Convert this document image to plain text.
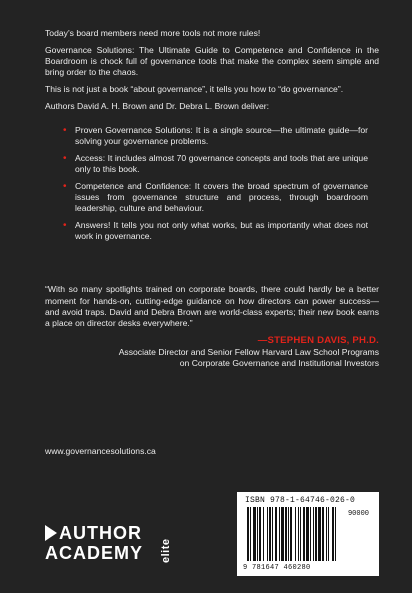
Today’s board members need more tools not more rules!

Governance Solutions: The Ultimate Guide to Competence and Confidence in the Boardroom is chock full of governance tools that make the complex seem simple and bring order to the chaos.

This is not just a book “about governance”, it tells you how to “do governance”.

Authors David A. H. Brown and Dr. Debra L. Brown deliver:

• Proven Governance Solutions: It is a single source—the ultimate guide—for solving your governance problems.
• Access: It includes almost 70 governance concepts and tools that are unique only to this book.
• Competence and Confidence: It covers the broad spectrum of governance issues from governance structure and process, through boardroom leadership, culture and behaviour.
• Answers! It tells you not only what works, but as importantly what does not work in governance.

“With so many spotlights trained on corporate boards, there could hardly be a better moment for hands-on, cutting-edge guidance on how directors can power success—and avoid traps. David and Debra Brown are world-class experts; their new book earns a place on director desks everywhere.”

—STEPHEN DAVIS, PH.D.
Associate Director and Senior Fellow Harvard Law School Programs
on Corporate Governance and Institutional Investors
www.governancesolutions.ca
AUTHOR
ACADEMY elite
ISBN 978-1-64746-026-0
90000
9 781647 460280
